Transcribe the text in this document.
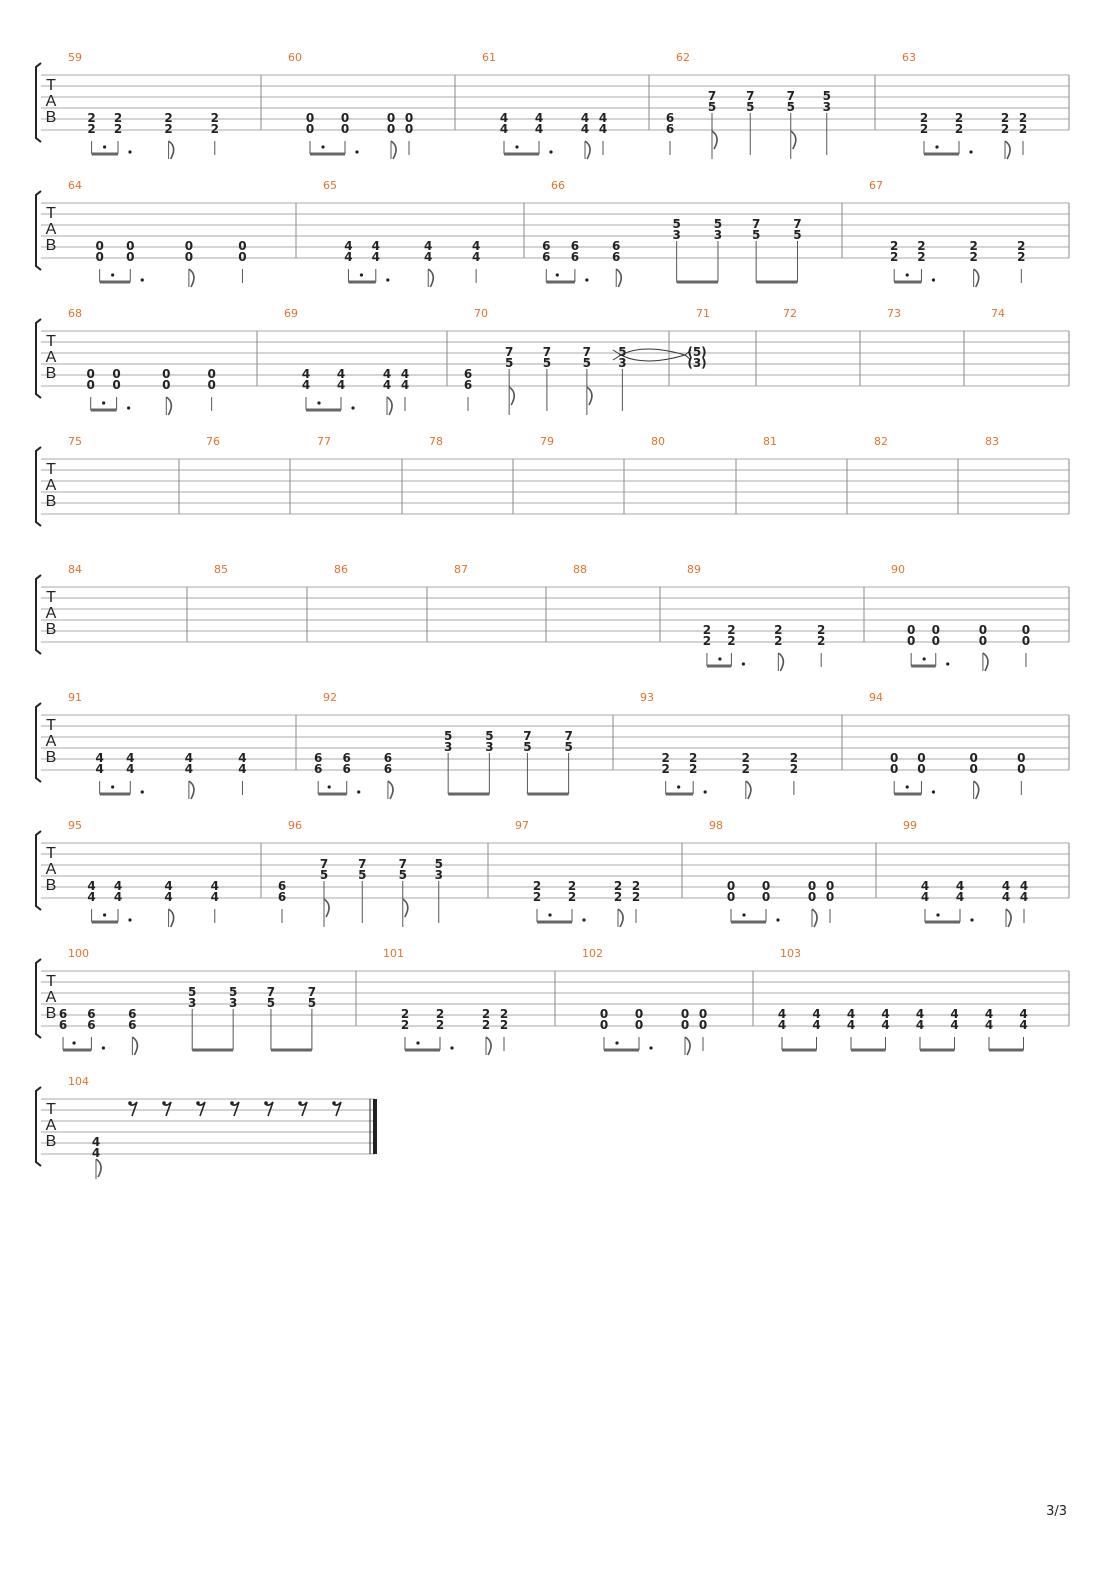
T
A
B
59
2
2
2
2
2
2
2
2
60
0
0
0
0
0
0
0
0
61
4
4
4
4
4
4
4
4
62
6
6
7
5
7
5
7
5
5
3
63
2
2
2
2
2
2
2
2
T
A
B
64
0
0
0
0
0
0
0
0
65
4
4
4
4
4
4
4
4
66
6
6
6
6
6
6
5
3
5
3
7
5
7
5
67
2
2
2
2
2
2
2
2
T
A
B
68
0
0
0
0
0
0
0
0
69
4
4
4
4
4
4
4
4
70
6
6
7
5
7
5
7
5
5
3
71
(5)
(3)
72	73	74
T
A
B
75	76	77	78	79	80	81	82	83
T
A
B
84	85	86	87	88	89
2
2
2
2
2
2
2
2
90
0
0
0
0
0
0
0
0
T
A
B
91
4
4
4
4
4
4
4
4
92
6
6
6
6
6
6
5
3
5
3
7
5
7
5
93
2
2
2
2
2
2
2
2
94
0
0
0
0
0
0
0
0
T
A
B
95
4
4
4
4
4
4
4
4
96
6
6
7
5
7
5
7
5
5
3
97
2
2
2
2
2
2
2
2
98
0
0
0
0
0
0
0
0
99
4
4
4
4
4
4
4
4
T
A
B
100
6
6
6
6
6
6
5
3
5
3
7
5
7
5
101
2
2
2
2
2
2
2
2
102
0
0
0
0
0
0
0
0
103
4
4
4
4
4
4
4
4
4
4
4
4
4
4
4
4
T
A
B
104
4
4
3/3
